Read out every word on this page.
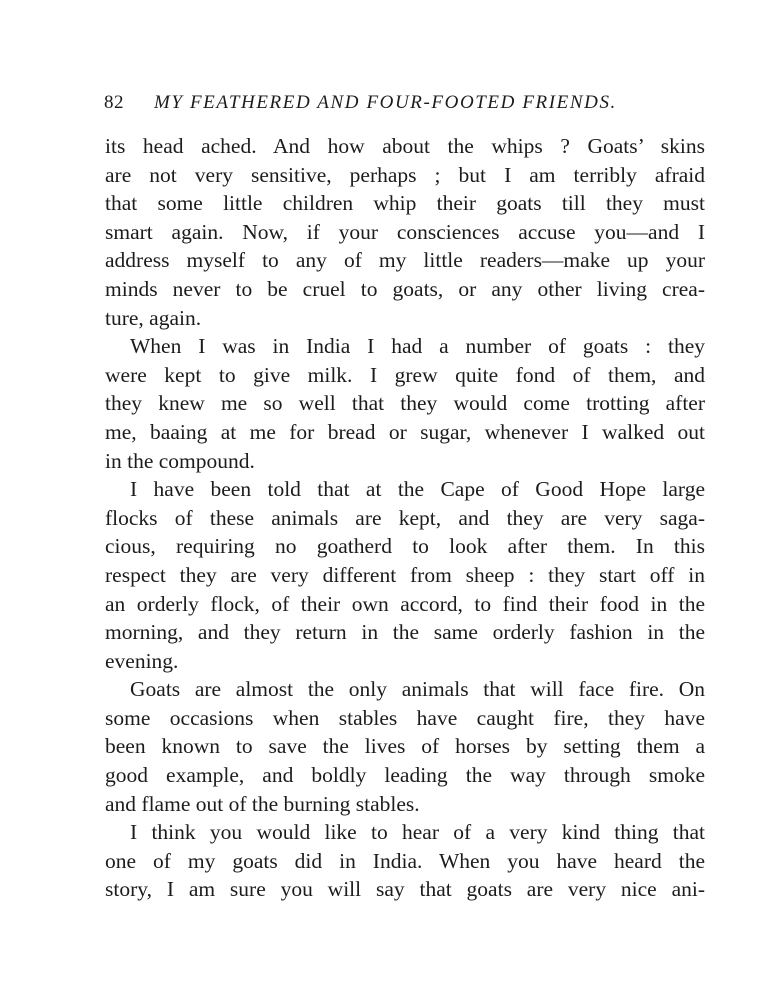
82 MY FEATHERED AND FOUR-FOOTED FRIENDS.
its head ached. And how about the whips ? Goats’ skins
are not very sensitive, perhaps ; but I am terribly afraid
that some little children whip their goats till they must
smart again. Now, if your consciences accuse you—and I
address myself to any of my little readers—make up your
minds never to be cruel to goats, or any other living crea-
ture, again.
When I was in India I had a number of goats : they
were kept to give milk. I grew quite fond of them, and
they knew me so well that they would come trotting after
me, baaing at me for bread or sugar, whenever I walked out
in the compound.
I have been told that at the Cape of Good Hope large
flocks of these animals are kept, and they are very saga-
cious, requiring no goatherd to look after them. In this
respect they are very different from sheep : they start off in
an orderly flock, of their own accord, to find their food in the
morning, and they return in the same orderly fashion in the
evening.
Goats are almost the only animals that will face fire. On
some occasions when stables have caught fire, they have
been known to save the lives of horses by setting them a
good example, and boldly leading the way through smoke
and flame out of the burning stables.
I think you would like to hear of a very kind thing that
one of my goats did in India. When you have heard the
story, I am sure you will say that goats are very nice ani-
